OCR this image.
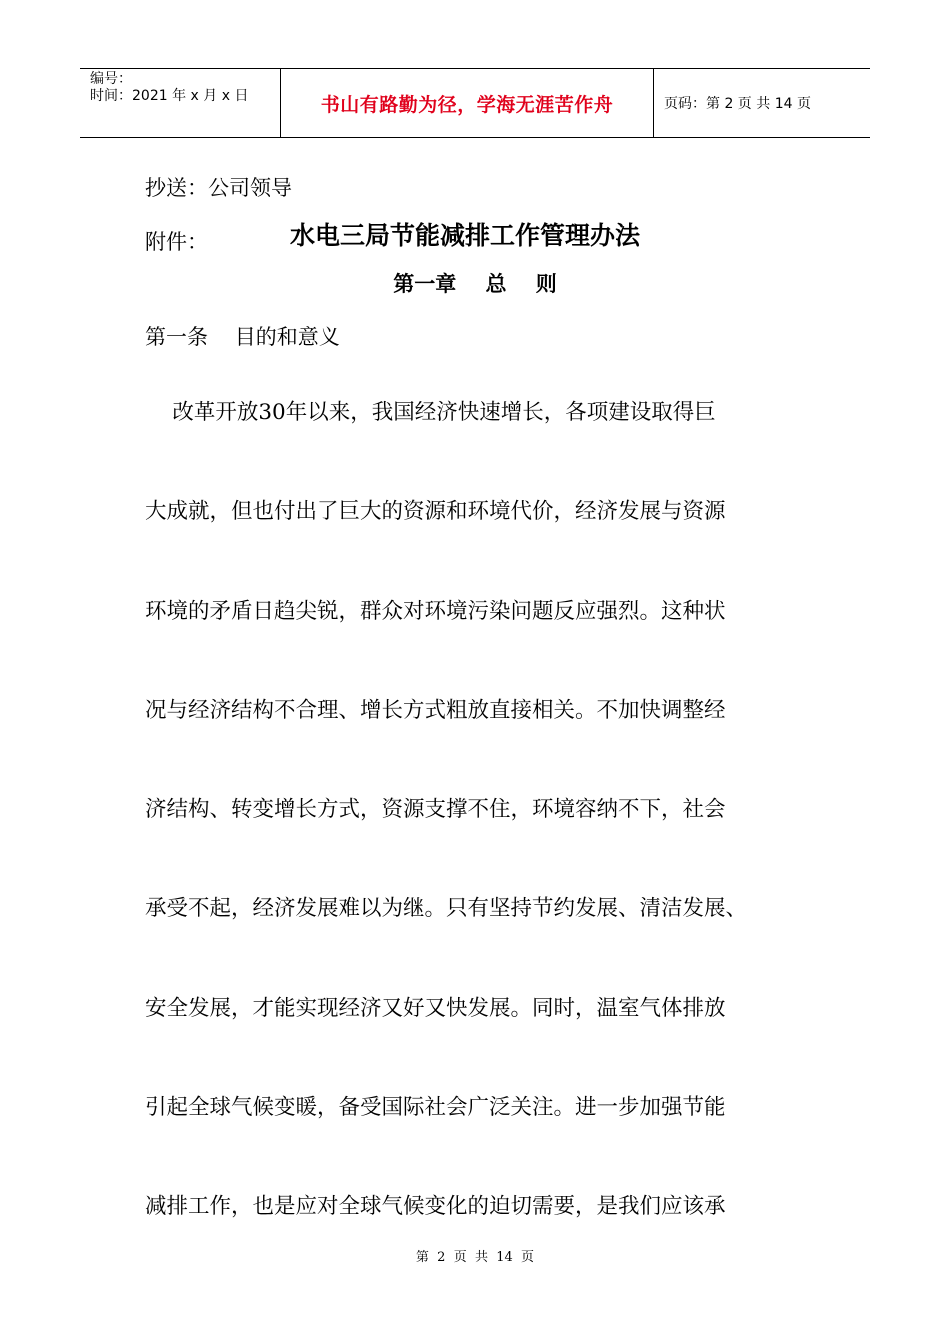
编号：
时间：2021 年 x 月 x 日	书山有路勤为径，学海无涯苦作舟	页码：第 2 页 共 14 页
抄送：公司领导
附件：	水电三局节能减排工作管理办法
第一章    总    则
第一条    目的和意义
改革开放30年以来，我国经济快速增长，各项建设取得巨
大成就，但也付出了巨大的资源和环境代价，经济发展与资源
环境的矛盾日趋尖锐，群众对环境污染问题反应强烈。这种状
况与经济结构不合理、增长方式粗放直接相关。不加快调整经
济结构、转变增长方式，资源支撑不住，环境容纳不下，社会
承受不起，经济发展难以为继。只有坚持节约发展、清洁发展、
安全发展，才能实现经济又好又快发展。同时，温室气体排放
引起全球气候变暖，备受国际社会广泛关注。进一步加强节能
减排工作，也是应对全球气候变化的迫切需要，是我们应该承
第  2  页  共  14  页
